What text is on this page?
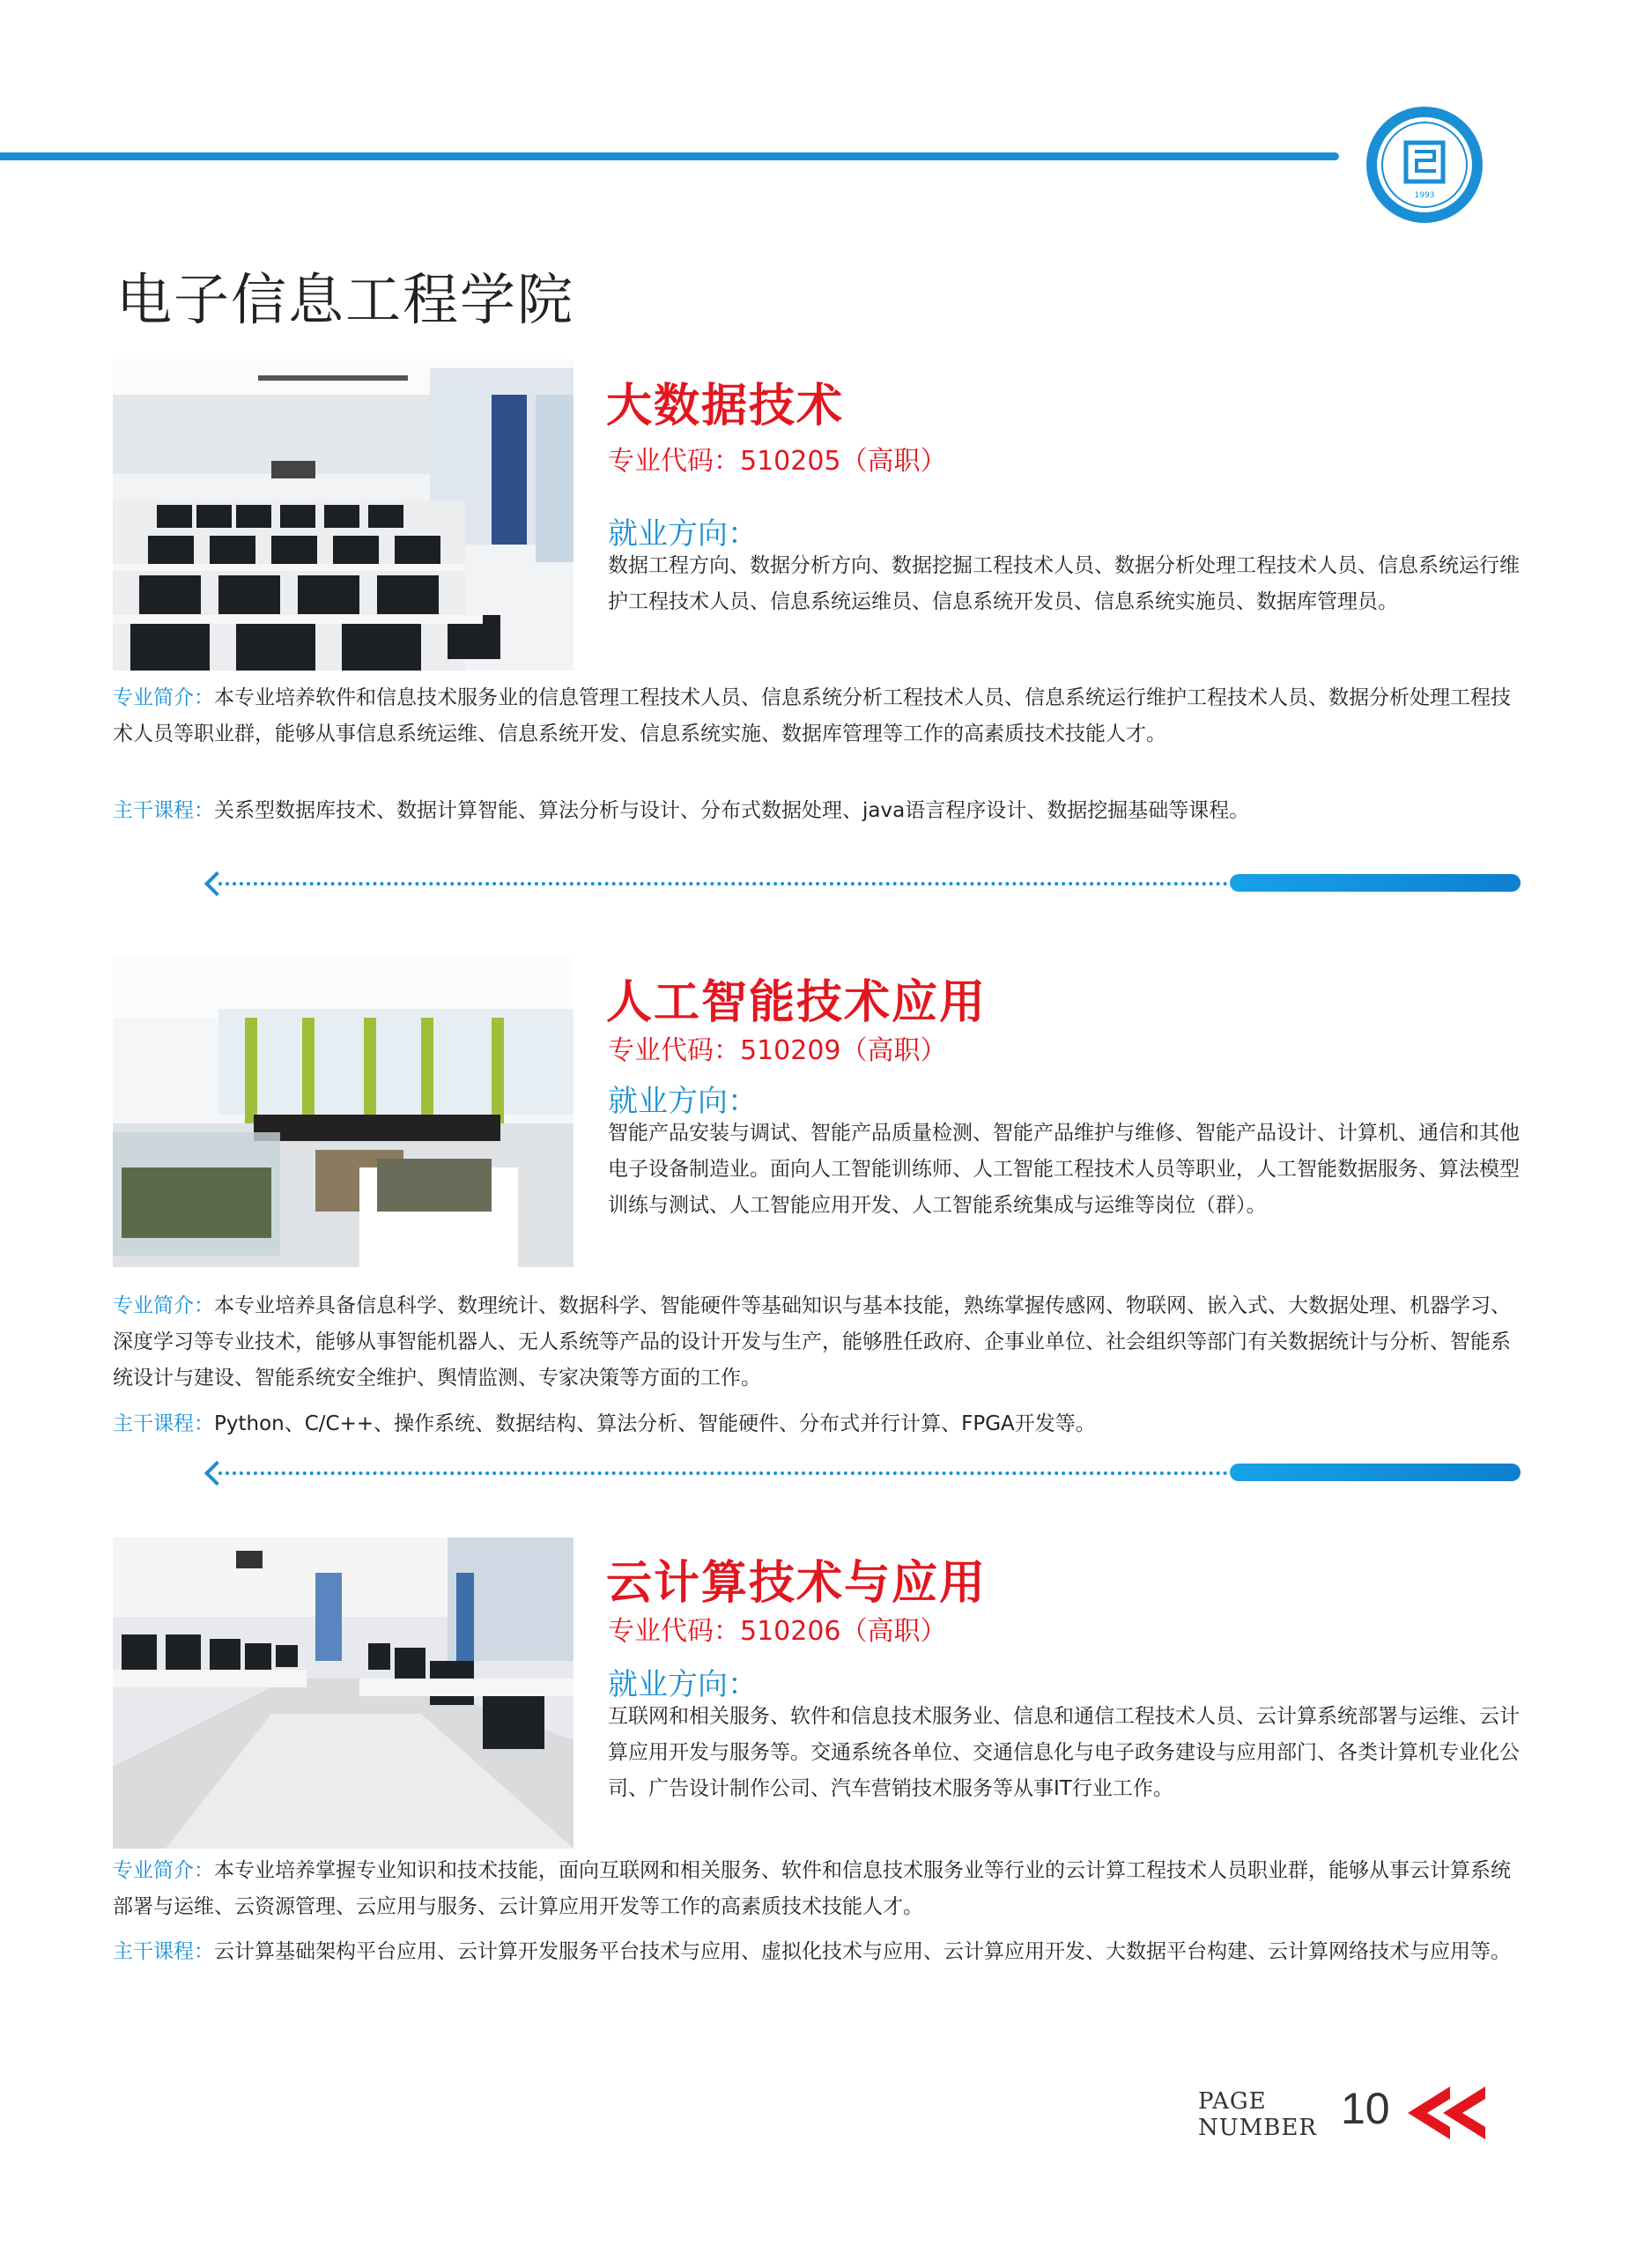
1993
电子信息工程学院
大数据技术
专业代码：510205（高职）
就业方向：
数据工程方向、数据分析方向、数据挖掘工程技术人员、数据分析处理工程技术人员、信息系统运行维护工程技术人员、信息系统运维员、信息系统开发员、信息系统实施员、数据库管理员。
专业简介：本专业培养软件和信息技术服务业的信息管理工程技术人员、信息系统分析工程技术人员、信息系统运行维护工程技术人员、数据分析处理工程技术人员等职业群，能够从事信息系统运维、信息系统开发、信息系统实施、数据库管理等工作的高素质技术技能人才。
主干课程：关系型数据库技术、数据计算智能、算法分析与设计、分布式数据处理、java语言程序设计、数据挖掘基础等课程。
人工智能技术应用
专业代码：510209（高职）
就业方向：
智能产品安装与调试、智能产品质量检测、智能产品维护与维修、智能产品设计、计算机、通信和其他电子设备制造业。面向人工智能训练师、人工智能工程技术人员等职业，人工智能数据服务、算法模型训练与测试、人工智能应用开发、人工智能系统集成与运维等岗位（群）。
专业简介：本专业培养具备信息科学、数理统计、数据科学、智能硬件等基础知识与基本技能，熟练掌握传感网、物联网、嵌入式、大数据处理、机器学习、深度学习等专业技术，能够从事智能机器人、无人系统等产品的设计开发与生产，能够胜任政府、企事业单位、社会组织等部门有关数据统计与分析、智能系统设计与建设、智能系统安全维护、舆情监测、专家决策等方面的工作。
主干课程：Python、C/C++、操作系统、数据结构、算法分析、智能硬件、分布式并行计算、FPGA开发等。
云计算技术与应用
专业代码：510206（高职）
就业方向：
互联网和相关服务、软件和信息技术服务业、信息和通信工程技术人员、云计算系统部署与运维、云计算应用开发与服务等。交通系统各单位、交通信息化与电子政务建设与应用部门、各类计算机专业化公司、广告设计制作公司、汽车营销技术服务等从事IT行业工作。
专业简介：本专业培养掌握专业知识和技术技能，面向互联网和相关服务、软件和信息技术服务业等行业的云计算工程技术人员职业群，能够从事云计算系统部署与运维、云资源管理、云应用与服务、云计算应用开发等工作的高素质技术技能人才。
主干课程：云计算基础架构平台应用、云计算开发服务平台技术与应用、虚拟化技术与应用、云计算应用开发、大数据平台构建、云计算网络技术与应用等。
PAGE
NUMBER 10
